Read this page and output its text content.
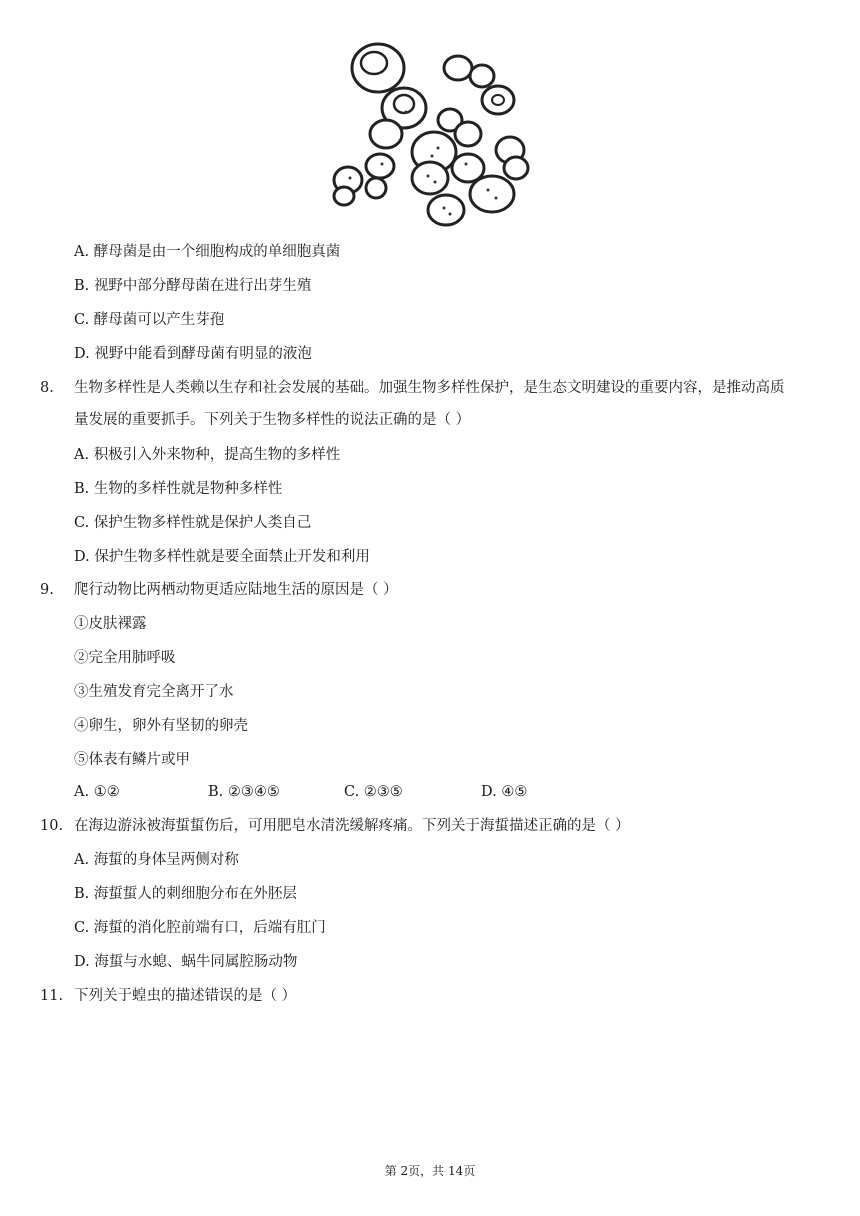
A. 酵母菌是由一个细胞构成的单细胞真菌
B. 视野中部分酵母菌在进行出芽生殖
C. 酵母菌可以产生芽孢
D. 视野中能看到酵母菌有明显的液泡
8. 生物多样性是人类赖以生存和社会发展的基础。加强生物多样性保护，是生态文明建设的重要内容，是推动高质
量发展的重要抓手。下列关于生物多样性的说法正确的是（ ）
A. 积极引入外来物种，提高生物的多样性
B. 生物的多样性就是物种多样性
C. 保护生物多样性就是保护人类自己
D. 保护生物多样性就是要全面禁止开发和利用
9. 爬行动物比两栖动物更适应陆地生活的原因是（ ）
①皮肤裸露
②完全用肺呼吸
③生殖发育完全离开了水
④卵生，卵外有坚韧的卵壳
⑤体表有鳞片或甲
A. ①②	B. ②③④⑤	C. ②③⑤	D. ④⑤
10. 在海边游泳被海蜇蜇伤后，可用肥皂水清洗缓解疼痛。下列关于海蜇描述正确的是（ ）
A. 海蜇的身体呈两侧对称
B. 海蜇蜇人的刺细胞分布在外胚层
C. 海蜇的消化腔前端有口，后端有肛门
D. 海蜇与水螅、蜗牛同属腔肠动物
11. 下列关于蝗虫的描述错误的是（ ）
第 2页，共 14页
